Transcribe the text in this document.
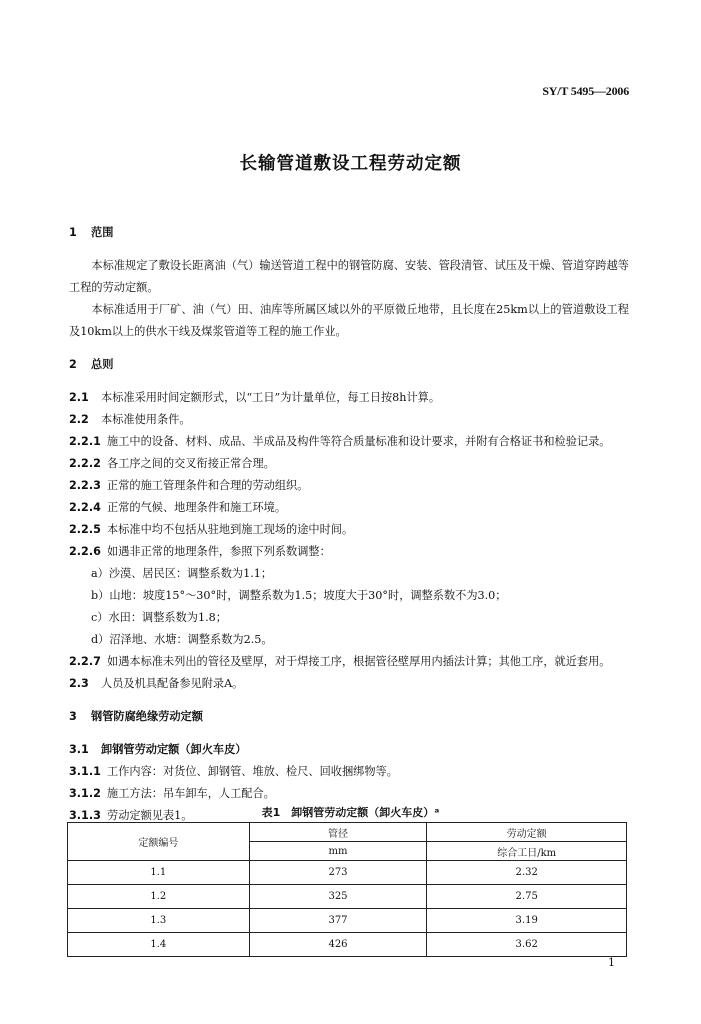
SY/T 5495—2006
长输管道敷设工程劳动定额

1 范围

本标准规定了敷设长距离油（气）输送管道工程中的钢管防腐、安装、管段清管、试压及干燥、管道穿跨越等工程的劳动定额。

本标准适用于厂矿、油（气）田、油库等所属区域以外的平原微丘地带，且长度在25km以上的管道敷设工程及10km以上的供水干线及煤浆管道等工程的施工作业。

2 总则

2.1 本标准采用时间定额形式，以“工日”为计量单位，每工日按8h计算。

2.2 本标准使用条件。

2.2.1 施工中的设备、材料、成品、半成品及构件等符合质量标准和设计要求，并附有合格证书和检验记录。

2.2.2 各工序之间的交叉衔接正常合理。

2.2.3 正常的施工管理条件和合理的劳动组织。

2.2.4 正常的气候、地理条件和施工环境。

2.2.5 本标准中均不包括从驻地到施工现场的途中时间。

2.2.6 如遇非正常的地理条件，参照下列系数调整：

a）沙漠、居民区：调整系数为1.1；

b）山地：坡度15°～30°时，调整系数为1.5；坡度大于30°时，调整系数不为3.0；

c）水田：调整系数为1.8；

d）沼泽地、水塘：调整系数为2.5。

2.2.7 如遇本标准未列出的管径及壁厚，对于焊接工序，根据管径壁厚用内插法计算；其他工序，就近套用。

2.3 人员及机具配备参见附录A。

3 钢管防腐绝缘劳动定额

3.1 卸钢管劳动定额（卸火车皮）

3.1.1 工作内容：对货位、卸钢管、堆放、检尺、回收捆绑物等。

3.1.2 施工方法：吊车卸车，人工配合。

3.1.3 劳动定额见表1。	表1　卸钢管劳动定额（卸火车皮）ᵃ
定额编号	管径	劳动定额
	mm	综合工日/km
1.1	273	2.32
1.2	325	2.75
1.3	377	3.19
1.4	426	3.62
1
